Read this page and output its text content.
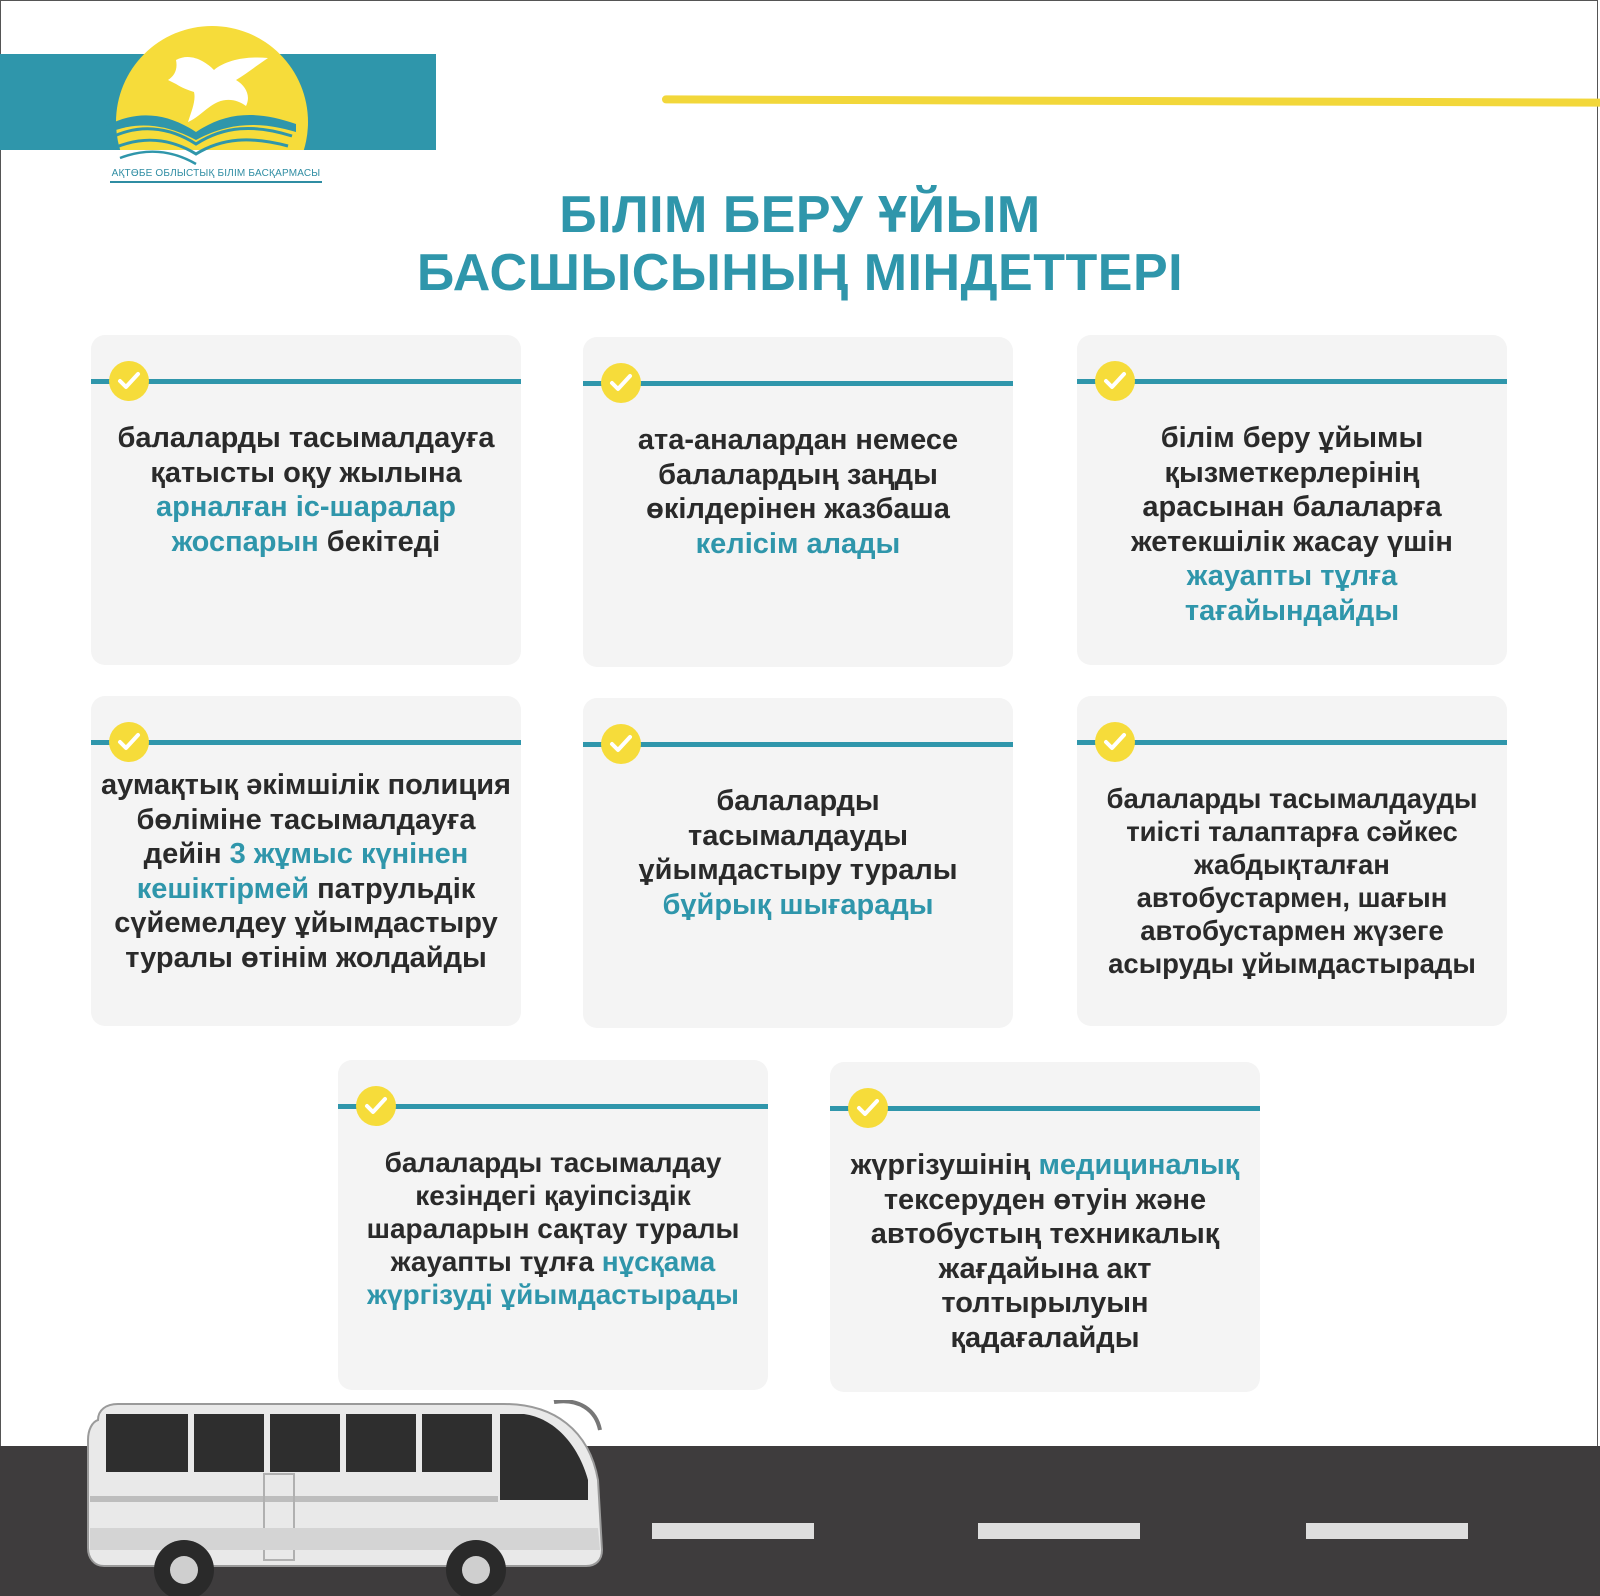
АҚТӨБЕ ОБЛЫСТЫҚ БІЛІМ БАСҚАРМАСЫ
БІЛІМ БЕРУ ҰЙЫМ
БАСШЫСЫНЫҢ МІНДЕТТЕРІ
балаларды тасымалдауға қатысты оқу жылына арналған іс-шаралар жоспарын бекітеді
ата-аналардан немесе балалардың заңды өкілдерінен жазбаша келісім алады
білім беру ұйымы қызметкерлерінің арасынан балаларға жетекшілік жасау үшін жауапты тұлға тағайындайды
аумақтық әкімшілік полиция бөліміне тасымалдауға дейін 3 жұмыс күнінен кешіктірмей патрульдік сүйемелдеу ұйымдастыру туралы өтінім жолдайды
балаларды тасымалдауды ұйымдастыру туралы бұйрық шығарады
балаларды тасымалдауды тиісті талаптарға сәйкес жабдықталған автобустармен, шағын автобустармен жүзеге асыруды ұйымдастырады
балаларды тасымалдау кезіндегі қауіпсіздік шараларын сақтау туралы жауапты тұлға нұсқама жүргізуді ұйымдастырады
жүргізушінің медициналық тексеруден өтуін және автобустың техникалық жағдайына акт толтырылуын қадағалайды
